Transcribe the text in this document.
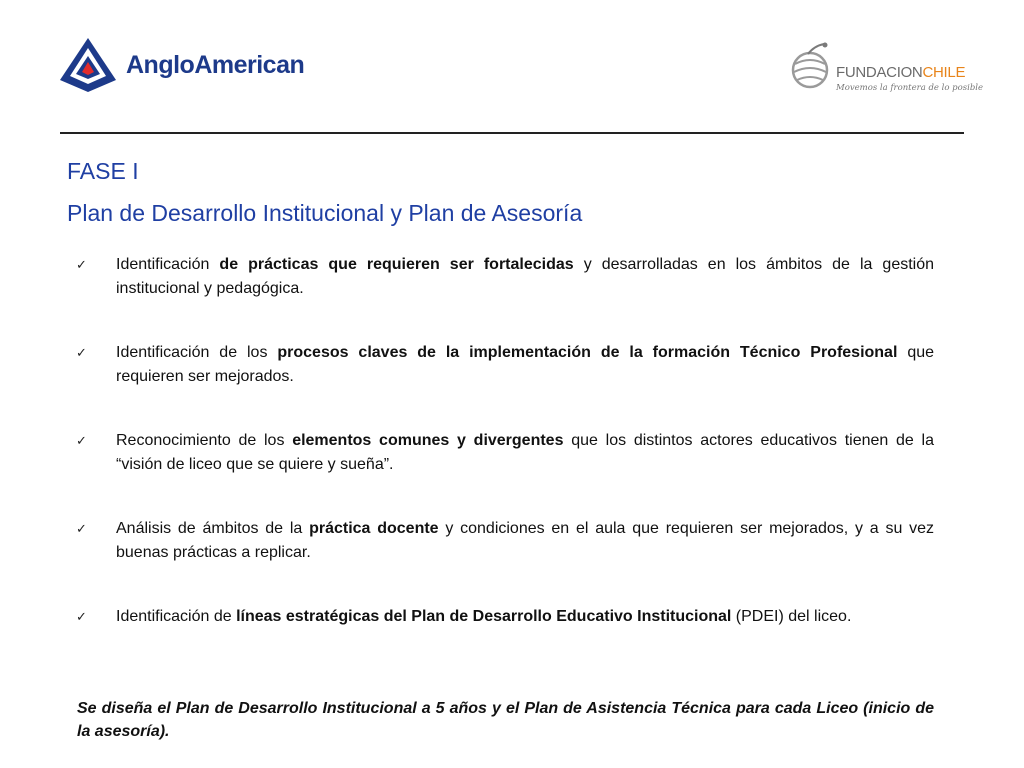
AngloAmerican	FUNDACIONCHILE
Movemos la frontera de lo posible
FASE I
Plan de Desarrollo Institucional y Plan de Asesoría
✓ Identificación de prácticas que requieren ser fortalecidas y desarrolladas en los ámbitos de la gestión institucional y pedagógica.
✓ Identificación de los procesos claves de la implementación de la formación Técnico Profesional que requieren ser mejorados.
✓ Reconocimiento de los elementos comunes y divergentes que los distintos actores educativos tienen de la “visión de liceo que se quiere y sueña”.
✓ Análisis de ámbitos de la práctica docente y condiciones en el aula que requieren ser mejorados, y a su vez buenas prácticas a replicar.
✓ Identificación de líneas estratégicas del Plan de Desarrollo Educativo Institucional (PDEI) del liceo.
Se diseña el Plan de Desarrollo Institucional a 5 años y el Plan de Asistencia Técnica para cada Liceo (inicio de la asesoría).
